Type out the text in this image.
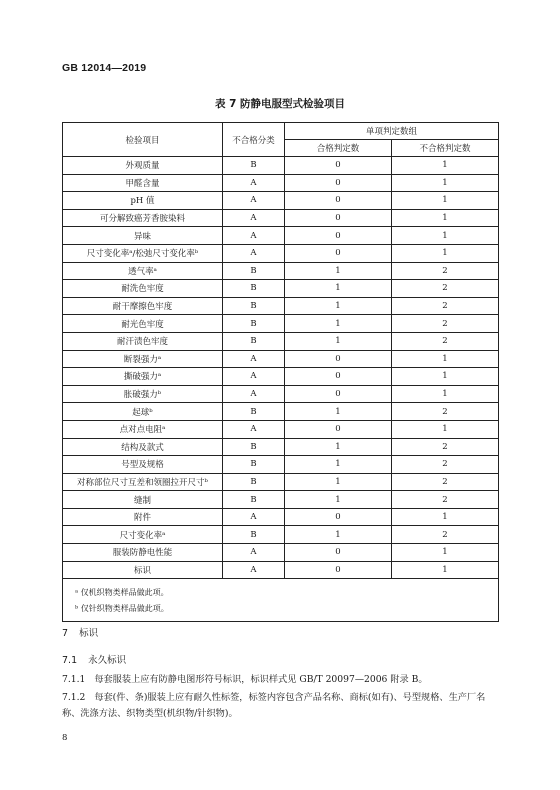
GB 12014—2019
表 7 防静电服型式检验项目
检验项目	不合格分类	单项判定数组	
		合格判定数	不合格判定数
外观质量	B	0	1
甲醛含量	A	0	1
pH 值	A	0	1
可分解致癌芳香胺染料	A	0	1
异味	A	0	1
尺寸变化率ᵃ/松弛尺寸变化率ᵇ	A	0	1
透气率ᵃ	B	1	2
耐洗色牢度	B	1	2
耐干摩擦色牢度	B	1	2
耐光色牢度	B	1	2
耐汗渍色牢度	B	1	2
断裂强力ᵃ	A	0	1
撕破强力ᵃ	A	0	1
胀破强力ᵇ	A	0	1
起球ᵇ	B	1	2
点对点电阻ᵃ	A	0	1
结构及款式	B	1	2
号型及规格	B	1	2
对称部位尺寸互差和领圈拉开尺寸ᵇ	B	1	2
缝制	B	1	2
附件	A	0	1
尺寸变化率ᵃ	B	1	2
服装防静电性能	A	0	1
标识	A	0	1

ᵃ 仅机织物类样品做此项。
ᵇ 仅针织物类样品做此项。			
7 标识
7.1 永久标识
7.1.1 每套服装上应有防静电图形符号标识，标识样式见 GB/T 20097—2006 附录 B。
7.1.2 每套(件、条)服装上应有耐久性标签，标签内容包含产品名称、商标(如有)、号型规格、生产厂名称、洗涤方法、织物类型(机织物/针织物)。
8
